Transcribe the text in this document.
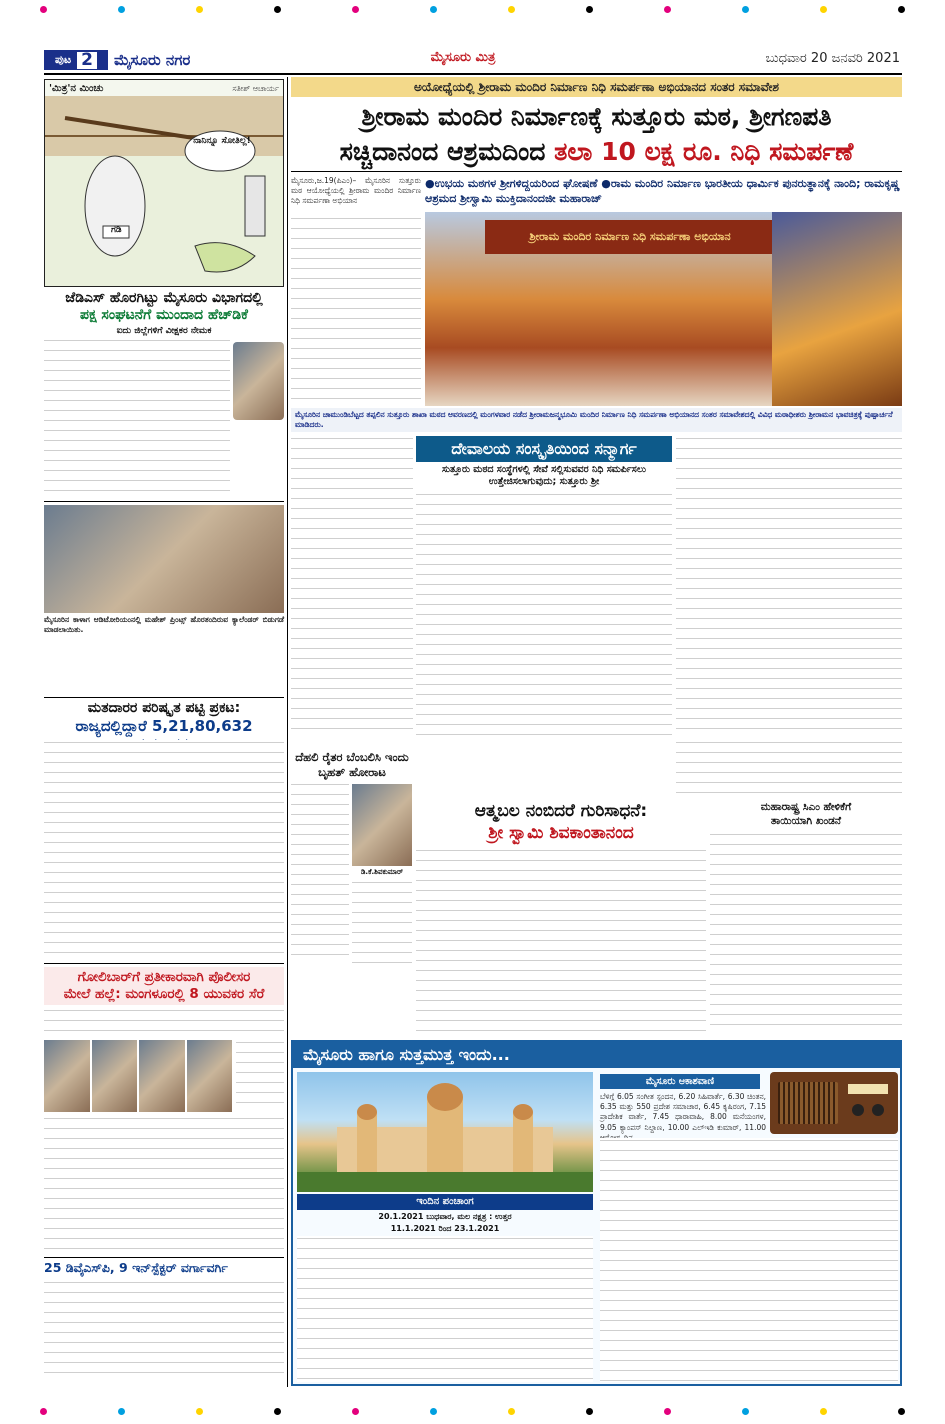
ಪುಟ 2 ಮೈಸೂರು ನಗರ	ಮೈಸೂರು ಮಿತ್ರ	ಬುಧವಾರ 20 ಜನವರಿ 2021
'ಮಿತ್ರ'ನ ಮಿಂಚು	ಸತೀಶ್ ಆಚಾರ್ಯ
ನಾನಿನ್ನೂ ಸೋತಿಲ್ಲ!
ಗಡಿ
ಜೆಡಿಎಸ್ ಹೊರಗಿಟ್ಟು ಮೈಸೂರು ವಿಭಾಗದಲ್ಲಿ
ಪಕ್ಷ ಸಂಘಟನೆಗೆ ಮುಂದಾದ ಹೆಚ್‌ಡಿಕೆ
ಐದು ಜಿಲ್ಲೆಗಳಿಗೆ ವೀಕ್ಷಕರ ನೇಮಕ
ಮೈಸೂರಿನ ಕಾಳಾಗ ಆಡಿಟೋರಿಯಂನಲ್ಲಿ ಮಹೇಶ್ ಪ್ರಿಂಟ್ಸ್ ಹೊರತಂದಿರುವ ಕ್ಯಾಲೆಂಡರ್ ಬಿಡುಗಡೆ ಮಾಡಲಾಯಿತು.
ಮತದಾರರ ಪರಿಷ್ಕೃತ ಪಟ್ಟಿ ಪ್ರಕಟ:
ರಾಜ್ಯದಲ್ಲಿದ್ದಾರೆ 5,21,80,632
ಗೋಲಿಬಾರ್‌ಗೆ ಪ್ರತೀಕಾರವಾಗಿ ಪೊಲೀಸರ
ಮೇಲೆ ಹಲ್ಲೆ: ಮಂಗಳೂರಲ್ಲಿ 8 ಯುವಕರ ಸೆರೆ
25 ಡಿವೈಎಸ್‌ಪಿ, 9 ಇನ್‌ಸ್ಪೆಕ್ಟರ್ ವರ್ಗಾವರ್ಗಿ
ಅಯೋಧ್ಯೆಯಲ್ಲಿ ಶ್ರೀರಾಮ ಮಂದಿರ ನಿರ್ಮಾಣ ನಿಧಿ ಸಮರ್ಪಣಾ ಅಭಿಯಾನದ ಸಂತರ ಸಮಾವೇಶ
ಶ್ರೀರಾಮ ಮಂದಿರ ನಿರ್ಮಾಣಕ್ಕೆ ಸುತ್ತೂರು ಮಠ, ಶ್ರೀಗಣಪತಿ
ಸಚ್ಚಿದಾನಂದ ಆಶ್ರಮದಿಂದ ತಲಾ 10 ಲಕ್ಷ ರೂ. ನಿಧಿ ಸಮರ್ಪಣೆ
ಮೈಸೂರು,ಜ.19(ಪಿಎಂ)– ಮೈಸೂರಿನ ಸುತ್ತೂರು ಮಠ ಆಯೋಧ್ಯೆಯಲ್ಲಿ ಶ್ರೀರಾಮ ಮಂದಿರ ನಿರ್ಮಾಣ ನಿಧಿ ಸಮರ್ಪಣಾ ಅಭಿಯಾನ
●ಉಭಯ ಮಠಗಳ ಶ್ರೀಗಳಿದ್ದಯರಿಂದ ಘೋಷಣೆ ●ರಾಮ ಮಂದಿರ ನಿರ್ಮಾಣ ಭಾರತೀಯ ಧಾರ್ಮಿಕ ಪುನರುತ್ಥಾನಕ್ಕೆ ನಾಂದಿ; ರಾಮಕೃಷ್ಣ ಆಶ್ರಮದ ಶ್ರೀಸ್ವಾಮಿ ಮುಕ್ತಿದಾನಂದಜೀ ಮಹಾರಾಜ್
ಶ್ರೀರಾಮ ಮಂದಿರ ನಿರ್ಮಾಣ ನಿಧಿ ಸಮರ್ಪಣಾ ಅಭಿಯಾನ
ಮೈಸೂರಿನ ಚಾಮುಂಡಿಬೆಟ್ಟದ ತಪ್ಪಲಿನ ಸುತ್ತೂರು ಶಾಖಾ ಮಠದ ಆವರಣದಲ್ಲಿ ಮಂಗಳವಾರ ನಡೆದ ಶ್ರೀರಾಮಜನ್ಮಭೂಮಿ ಮಂದಿರ ನಿರ್ಮಾಣ ನಿಧಿ ಸಮರ್ಪಣಾ ಅಭಿಯಾನದ ಸಂತರ ಸಮಾವೇಶದಲ್ಲಿ ವಿವಿಧ ಮಠಾಧೀಶರು ಶ್ರೀರಾಮನ ಭಾವಚಿತ್ರಕ್ಕೆ ಪುಷ್ಪಾರ್ಚನೆ ಮಾಡಿದರು.
ದೇವಾಲಯ ಸಂಸ್ಕೃತಿಯಿಂದ ಸನ್ಮಾರ್ಗ
ಸುತ್ತೂರು ಮಠದ ಸಂಸ್ಥೆಗಳಲ್ಲಿ ಸೇವೆ ಸಲ್ಲಿಸುವವರ ನಿಧಿ ಸಮರ್ಪಿಸಲು ಉತ್ತೇಜಿಸಲಾಗುವುದು; ಸುತ್ತೂರು ಶ್ರೀ
ದೆಹಲಿ ರೈತರ ಬೆಂಬಲಿಸಿ ಇಂದು ಬೃಹತ್ ಹೋರಾಟ
ಡಿ.ಕೆ.ಶಿವಕುಮಾರ್
ಆತ್ಮಬಲ ನಂಬಿದರೆ ಗುರಿಸಾಧನೆ:
ಶ್ರೀ ಸ್ವಾಮಿ ಶಿವಕಾಂತಾನಂದ
ಮಹಾರಾಷ್ಟ್ರ ಸಿಎಂ ಹೇಳಿಕೆಗೆ
ತಾಯಿಯಾಗಿ ಖಂಡನೆ
ಮೈಸೂರು ಹಾಗೂ ಸುತ್ತಮುತ್ತ ಇಂದು...
ಇಂದಿನ ಪಂಚಾಂಗ
20.1.2021 ಬುಧವಾರ, ಮಲ ನಕ್ಷತ್ರ : ಉತ್ತರ
11.1.2021 ರಿಂದ 23.1.2021
ಮೈಸೂರು ಆಕಾಶವಾಣಿ
ಬೆಳಿಗ್ಗೆ 6.05 ಸಂಗೀತ ಸ್ಪಂದನ, 6.20 ಸಿಹಿವಾರ್ತೆ, 6.30 ಚಿಂತನ, 6.35 ಮತ್ತು 550 ಪ್ರದೇಶ ಸಮಾಚಾರ, 6.45 ಕೃಷಿರಂಗ, 7.15 ಪ್ರಾದೇಶಿಕ ವಾರ್ತೆ, 7.45 ಧಾರಾವಾಹಿ, 8.00 ಮನೆಯಂಗಳ, 9.05 ಕ್ಯಾಂಪಸ್ ನಿಲ್ದಾಣ, 10.00 ಎಲ್‌ಇಡಿ ಕುಮಾರ್, 11.00
